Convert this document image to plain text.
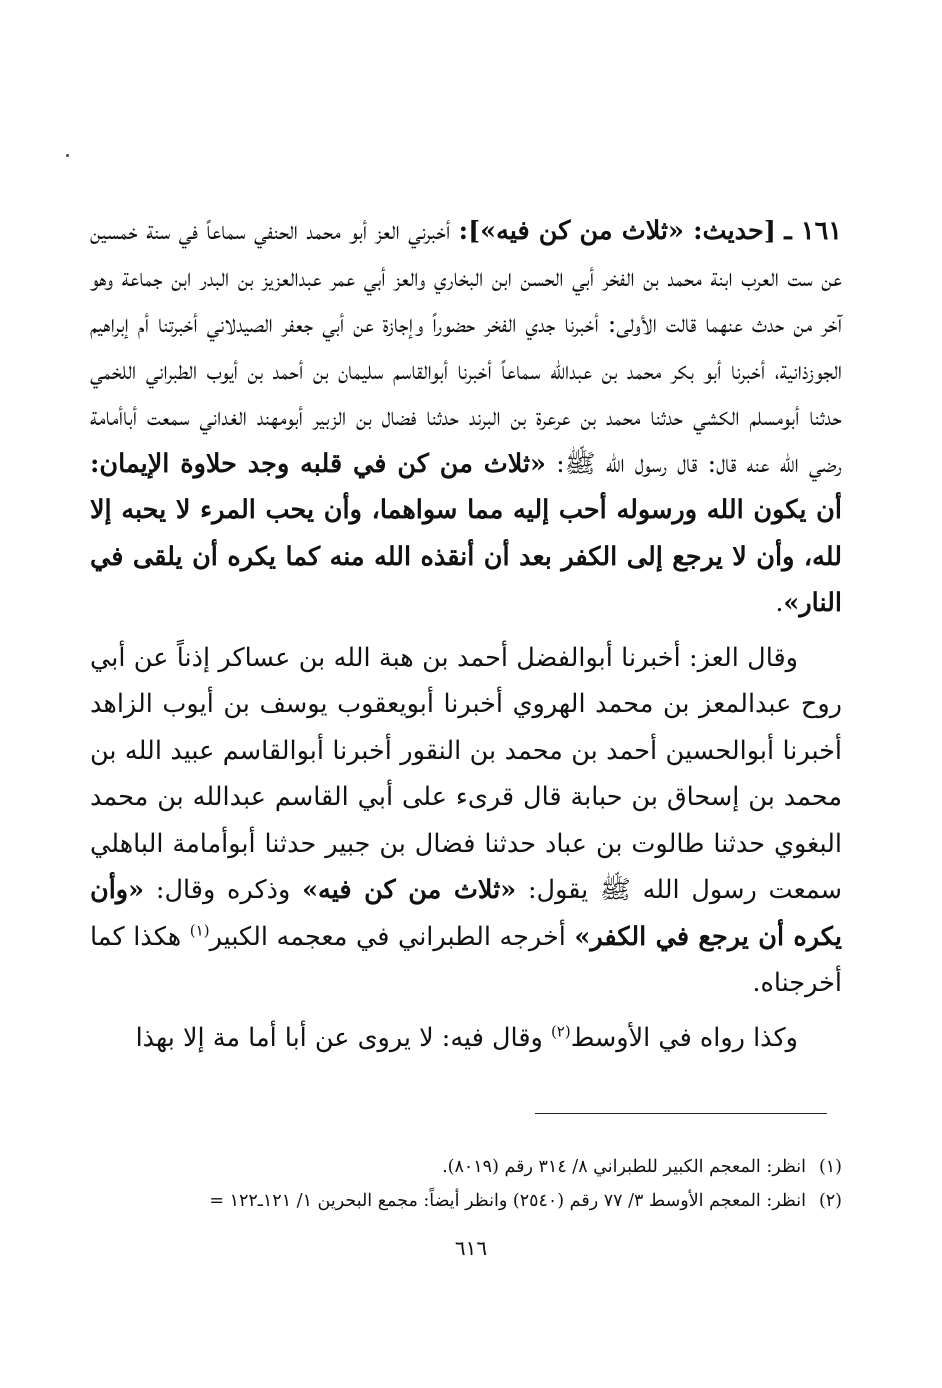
١٦١ ـ [حديث: «ثلاث من كن فيه»]: أخبرني العز أبو محمد الحنفي سماعاً في سنة خمسين عن ست العرب ابنة محمد بن الفخر أبي الحسن ابن البخاري والعز أبي عمر عبدالعزيز بن البدر ابن جماعة وهو آخر من حدث عنهما قالت الأولى: أخبرنا جدي الفخر حضوراً وإجازة عن أبي جعفر الصيدلاني أخبرتنا أم إبراهيم الجوزذانية، أخبرنا أبو بكر محمد بن عبدالله سماعاً أخبرنا أبوالقاسم سليمان بن أحمد بن أيوب الطبراني اللخمي حدثنا أبومسلم الكشي حدثنا محمد بن عرعرة بن البرند حدثنا فضال بن الزبير أبومهند الغداني سمعت أباأمامة رضي الله عنه قال: قال رسول الله ﷺ: «ثلاث من كن في قلبه وجد حلاوة الإيمان: أن يكون الله ورسوله أحب إليه مما سواهما، وأن يحب المرء لا يحبه إلا لله، وأن لا يرجع إلى الكفر بعد أن أنقذه الله منه كما يكره أن يلقى في النار».

وقال العز: أخبرنا أبوالفضل أحمد بن هبة الله بن عساكر إذناً عن أبي روح عبدالمعز بن محمد الهروي أخبرنا أبويعقوب يوسف بن أيوب الزاهد أخبرنا أبوالحسين أحمد بن محمد بن النقور أخبرنا أبوالقاسم عبيد الله بن محمد بن إسحاق بن حبابة قال قرىء على أبي القاسم عبدالله بن محمد البغوي حدثنا طالوت بن عباد حدثنا فضال بن جبير حدثنا أبوأمامة الباهلي سمعت رسول الله ﷺ يقول: «ثلاث من كن فيه» وذكره وقال: «وأن يكره أن يرجع في الكفر» أخرجه الطبراني في معجمه الكبير$^{(١)}$ هكذا كما أخرجناه.

وكذا رواه في الأوسط$^{(٢)}$ وقال فيه: لا يروى عن أبا أما مة إلا بهذا

(١)انظر: المعجم الكبير للطبراني ٨/ ٣١٤ رقم (٨٠١٩).
(٢)انظر: المعجم الأوسط ٣/ ٧٧ رقم (٢٥٤٠) وانظر أيضاً: مجمع البحرين ١/ ١٢١ـ١٢٢ =
٦١٦
